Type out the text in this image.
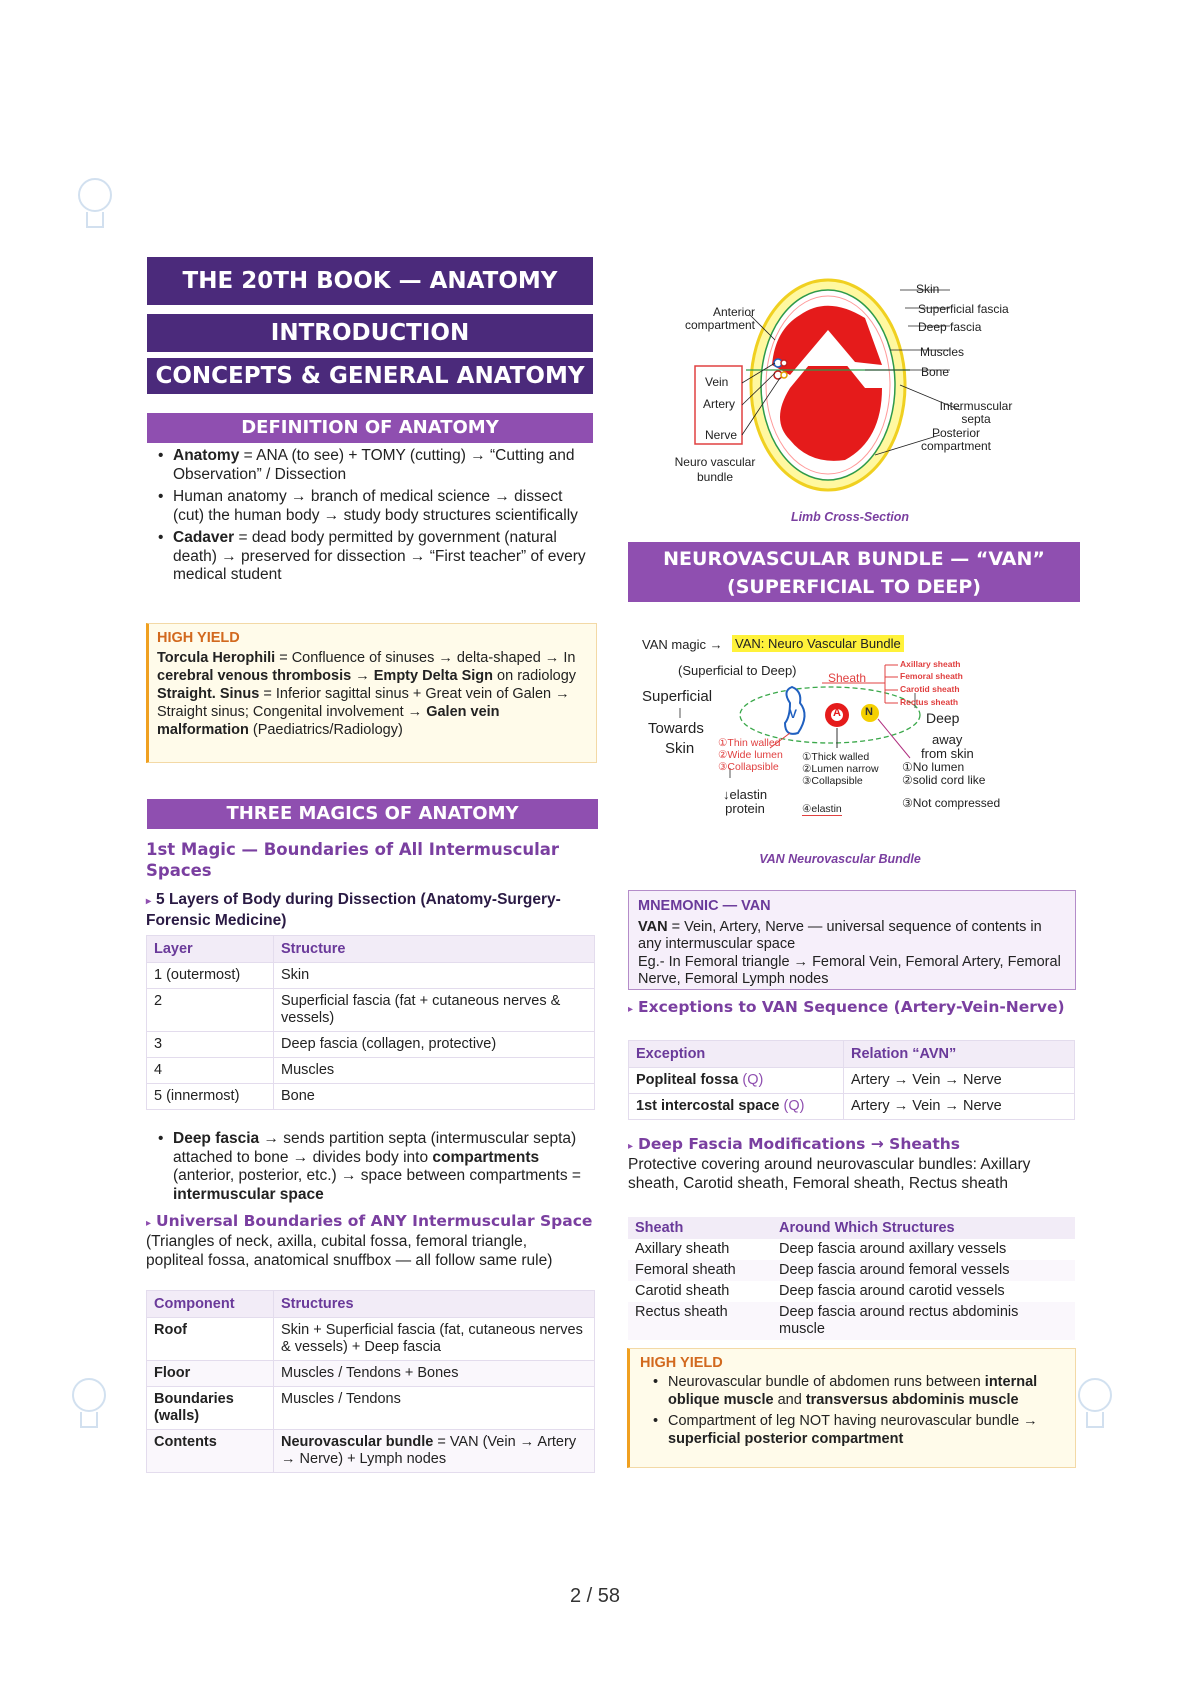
THE 20TH BOOK — ANATOMY
INTRODUCTION
CONCEPTS & GENERAL ANATOMY
DEFINITION OF ANATOMY
• Anatomy = ANA (to see) + TOMY (cutting) → “Cutting and Observation” / Dissection
• Human anatomy → branch of medical science → dissect (cut) the human body → study body structures scientifically
• Cadaver = dead body permitted by government (natural death) → preserved for dissection → “First teacher” of every medical student
HIGH YIELD

Torcula Herophili = Confluence of sinuses → delta-shaped → In cerebral venous thrombosis → Empty Delta Sign on radiology

Straight. Sinus = Inferior sagittal sinus + Great vein of Galen → Straight sinus; Congenital involvement → Galen vein malformation (Paediatrics/Radiology)

THREE MAGICS OF ANATOMY
1st Magic — Boundaries of All Intermuscular Spaces
▸ 5 Layers of Body during Dissection (Anatomy-Surgery-Forensic Medicine)
Layer	Structure
1 (outermost)	Skin
2	Superficial fascia (fat + cutaneous nerves & vessels)
3	Deep fascia (collagen, protective)
4	Muscles
5 (innermost)	Bone
• Deep fascia → sends partition septa (intermuscular septa) attached to bone → divides body into compartments (anterior, posterior, etc.) → space between compartments = intermuscular space
▸ Universal Boundaries of ANY Intermuscular Space
(Triangles of neck, axilla, cubital fossa, femoral triangle, popliteal fossa, anatomical snuffbox — all follow same rule)
Component	Structures
Roof	Skin + Superficial fascia (fat, cutaneous nerves & vessels) + Deep fascia
Floor	Muscles / Tendons + Bones
Boundaries (walls)	Muscles / Tendons
Contents	Neurovascular bundle = VAN (Vein → Artery → Nerve) + Lymph nodes
Skin
Superficial fascia
Deep fascia
Muscles
Bone
Intermuscular septa
Posterior compartment
Anterior compartment
Vein
Artery
Nerve
Neuro vascular bundle
Limb Cross-Section
NEUROVASCULAR BUNDLE — “VAN” (SUPERFICIAL TO DEEP)
VAN magic → VAN: Neuro Vascular Bundle
(Superficial to Deep)
Superficial
Towards
Skin
V	A N
Sheath
Axillary sheath
Femoral sheath
Carotid sheath
Rectus sheath
Deep
away
from skin
①Thin walled
②Wide lumen
③Collapsible
①Thick walled
②Lumen narrow
③Collapsible
①No lumen
②solid cord like
③Not compressed
↓elastin
protein	④elastin
VAN Neurovascular Bundle

MNEMONIC — VAN

VAN = Vein, Artery, Nerve — universal sequence of contents in any intermuscular space

Eg.- In Femoral triangle → Femoral Vein, Femoral Artery, Femoral Nerve, Femoral Lymph nodes

▸ Exceptions to VAN Sequence (Artery-Vein-Nerve)
Exception	Relation “AVN”
Popliteal fossa (Q)	Artery → Vein → Nerve
1st intercostal space (Q)	Artery → Vein → Nerve
▸ Deep Fascia Modifications → Sheaths
Protective covering around neurovascular bundles: Axillary sheath, Carotid sheath, Femoral sheath, Rectus sheath
Sheath	Around Which Structures
Axillary sheath	Deep fascia around axillary vessels
Femoral sheath	Deep fascia around femoral vessels
Carotid sheath	Deep fascia around carotid vessels
Rectus sheath	Deep fascia around rectus abdominis muscle
HIGH YIELD
• Neurovascular bundle of abdomen runs between internal oblique muscle and transversus abdominis muscle
• Compartment of leg NOT having neurovascular bundle → superficial posterior compartment
2 / 58
